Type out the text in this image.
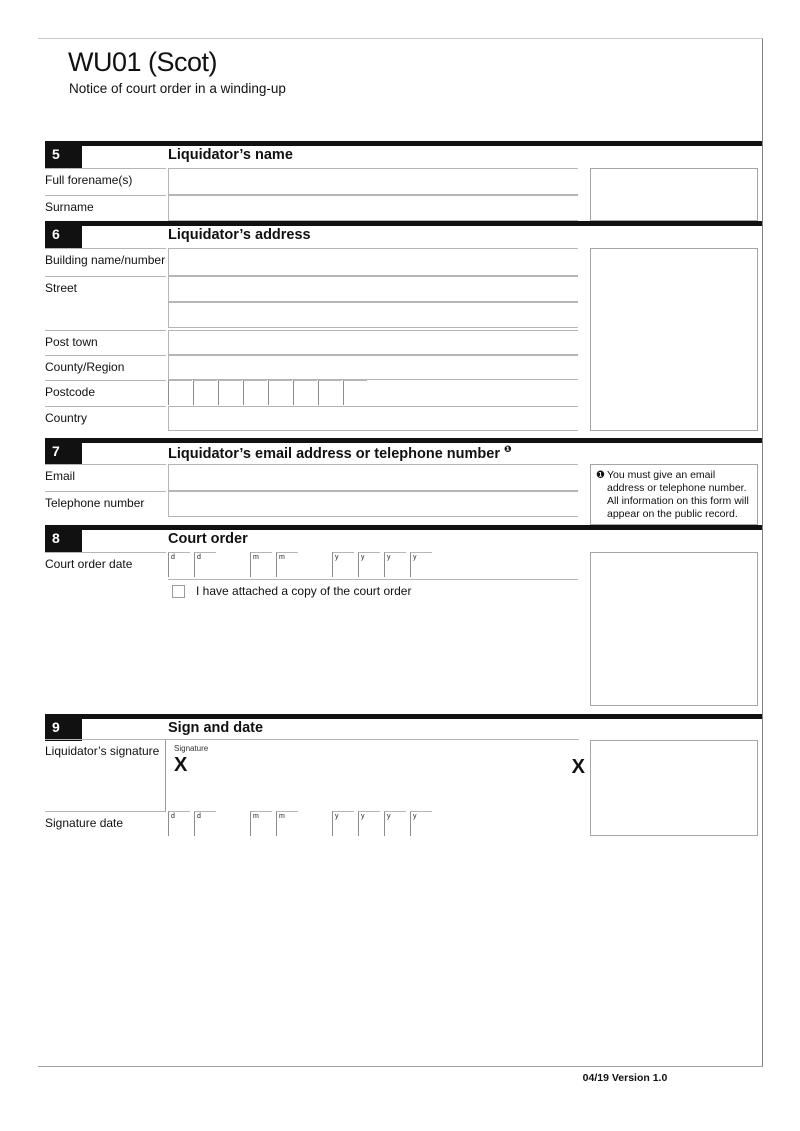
WU01 (Scot)
Notice of court order in a winding-up
5	Liquidator’s name
Full forename(s)
Surname
6	Liquidator’s address
Building name/number
Street
Post town
County/Region
Postcode
Country
7	Liquidator’s email address or telephone number $^❶$
Email
Telephone number
❶ You must give an email address or telephone number. All information on this form will appear on the public record.
8	Court order
Court order date	d	d	m	m	y	y	y	y
I have attached a copy of the court order
9	Sign and date
Liquidator’s signature	Signature
X	X
Signature date	d	d	m	m	y	y	y	y
04/19 Version 1.0
